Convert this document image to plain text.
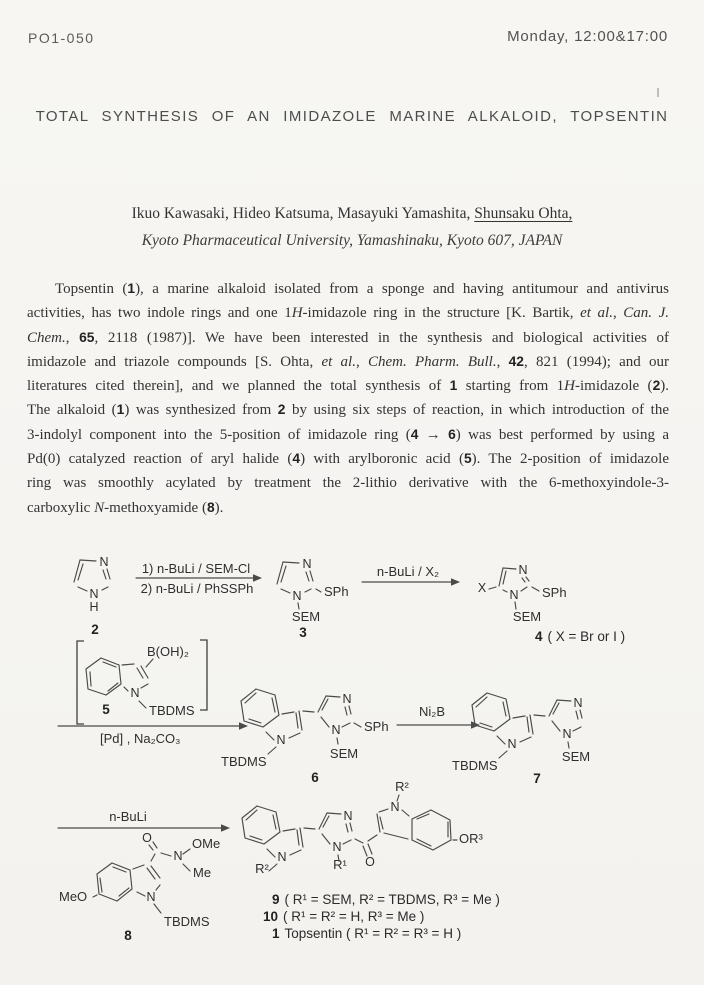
PO1-050	Monday, 12:00&17:00
TOTAL SYNTHESIS OF AN IMIDAZOLE MARINE ALKALOID, TOPSENTIN
Ikuo Kawasaki, Hideo Katsuma, Masayuki Yamashita, Shunsaku Ohta,
Kyoto Pharmaceutical University, Yamashinaku, Kyoto 607, JAPAN
Topsentin (1), a marine alkaloid isolated from a sponge and having antitumour and antivirus
activities, has two indole rings and one 1H-imidazole ring in the structure [K. Bartik, et al., Can. J.
Chem., 65, 2118 (1987)]. We have been interested in the synthesis and biological activities of
imidazole and triazole compounds [S. Ohta, et al., Chem. Pharm. Bull., 42, 821 (1994); and our
literatures cited therein], and we planned the total synthesis of 1 starting from 1H-imidazole (2).
The alkaloid (1) was synthesized from 2 by using six steps of reaction, in which introduction of the
3-indolyl component into the 5-position of imidazole ring (4 → 6) was best performed by using a
Pd(0) catalyzed reaction of aryl halide (4) with arylboronic acid (5). The 2-position of imidazole
ring was smoothly acylated by treatment the 2-lithio derivative with the 6-methoxyindole-3-
carboxylic N-methoxyamide (8).
N
N
H
2
1) n-BuLi / SEM-Cl
2) n-BuLi / PhSSPh
N
N SPh
SEM
3
n-BuLi / X₂	N
N
X	SPh
SEM
4 ( X = Br or I )
B(OH)₂
N
TBDMS
5
[Pd] , Na₂CO₃	N
N
N SPh
SEM
TBDMS
6
Ni₂B
SEM
TBDMS
7
n-BuLi
N
O
N
OMe
Me
MeO
TBDMS
8
R¹
R²	O
N
R²
OR³
9 ( R¹ = SEM, R² = TBDMS, R³ = Me )
10 ( R¹ = R² = H, R³ = Me )
1 Topsentin ( R¹ = R² = R³ = H )
